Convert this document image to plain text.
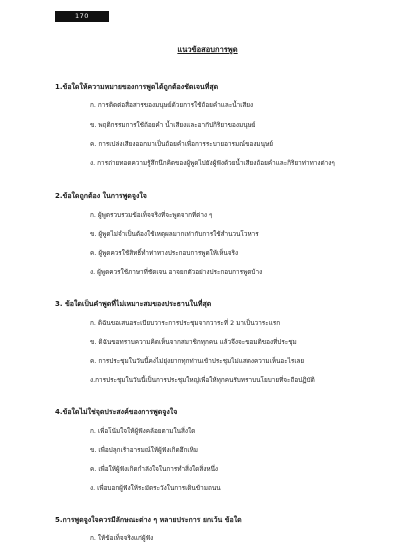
170
แนวข้อสอบการพูด
1.ข้อใดให้ความหมายของการพูดได้ถูกต้องชัดเจนที่สุด
ก. การติดต่อสื่อสารของมนุษย์ด้วยการใช้ถ้อยคำและน้ำเสียง
ข. พฤติกรรมการใช้ถ้อยคำ น้ำเสียงและอากัปกิริยาของมนุษย์
ค. การเปล่งเสียงออกมาเป็นถ้อยคำเพื่อการระบายอารมณ์ของมนุษย์
ง. การถ่ายทอดความรู้สึกนึกคิดของผู้พูดไปยังผู้ฟังด้วยน้ำเสียงถ้อยคำและกิริยาท่าทางต่างๆ
2.ข้อใดถูกต้อง ในการพูดจูงใจ
ก. ผู้พูดรวบรวมข้อเท็จจริงที่จะพูดจากที่ต่าง ๆ
ข. ผู้พูดไม่จำเป็นต้องใช้เหตุผลมากเท่ากับการใช้สำนวนโวหาร
ค. ผู้พูดควรใช้สิทธิ์ทำท่าทางประกอบการพูดให้เห็นจริง
ง. ผู้พูดควรใช้ภาษาที่ชัดเจน อาจยกตัวอย่างประกอบการพูดบ้าง
3. ข้อใดเป็นคำพูดที่ไม่เหมาะสมของประธานในที่สุด
ก. ดิฉันขอเสนอระเบียบวาระการประชุมจากวาระที่ 2 มาเป็นวาระแรก
ข. ดิฉันขอทราบความคิดเห็นจากสมาชิกทุกคน แล้วจึงจะขอมติของที่ประชุม
ค. การประชุมในวันนี้คงไม่ยุ่งยากทุกท่านเข้าประชุมไม่แสดงความเห็นอะไรเลย
ง.การประชุมในวันนี้เป็นการประชุมใหญ่เพื่อให้ทุกคนรับทราบนโยบายที่จะถือปฏิบัติ
4.ข้อใดไม่ใช่จุดประสงค์ของการพูดจูงใจ
ก. เพื่อโน้มใจให้ผู้ฟังคล้อยตามในสิ่งใด
ข. เพื่อปลุกเร้าอารมณ์ให้ผู้ฟังเกิดฮึกเหิม
ค. เพื่อให้ผู้ฟังเกิดกำลังใจในการทำสิ่งใดสิ่งหนึ่ง
ง. เพื่อบอกผู้ฟังให้ระมัดระวังในการเดินข้ามถนน
5.การพูดจูงใจควรมีลักษณะต่าง ๆ หลายประการ ยกเว้น ข้อใด
ก. ให้ข้อเท็จจริงแก่ผู้ฟัง
